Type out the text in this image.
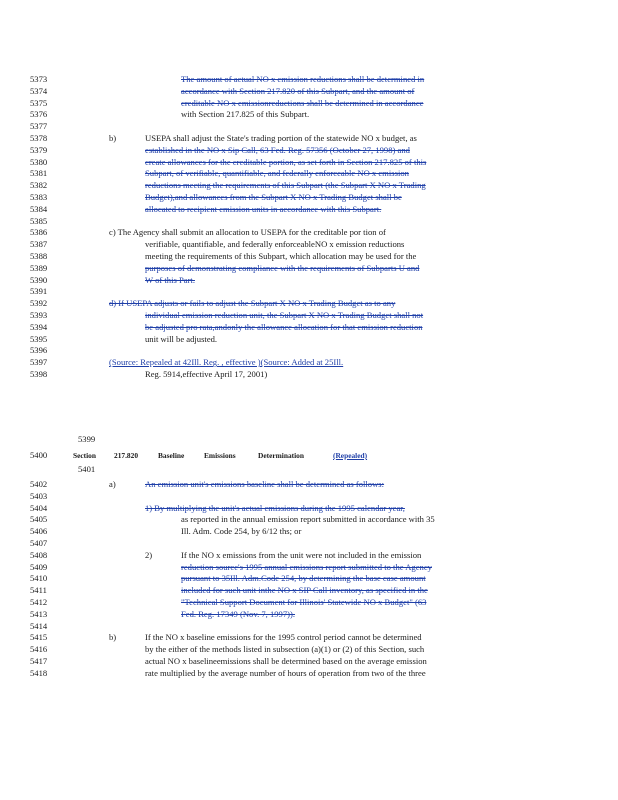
5373	The amount of actual NO x emission reductions shall be determined in
5374	accordance with Section 217.820 of this Subpart, and the amount of
5375	creditable NO x emissionreductions shall be determined in accordance
5376	with Section 217.825 of this Subpart.
5377
5378	b)	USEPA shall adjust the State's trading portion of the statewide NO x budget, as
5379	established in the NO x Sip Call, 63 Fed. Reg. 57356 (October 27, 1998) and
5380	create allowances for the creditable portion, as set forth in Section 217.825 of this
5381	Subpart, of verifiable, quantifiable, and federally enforceable NO x emission
5382	reductions meeting the requirements of this Subpart (the Subpart X NO x Trading
5383	Budget),and allowances from the Subpart X NO x Trading Budget shall be
5384	allocated to recipient emission units in accordance with this Subpart.
5385
5386	c) The Agency shall submit an allocation to USEPA for the creditable por tion of
5387	verifiable, quantifiable, and federally enforceableNO x emission reductions
5388	meeting the requirements of this Subpart, which allocation may be used for the
5389	purposes of demonstrating compliance with the requirements of Subparts U and
5390	W of this Part.
5391
5392	d) If USEPA adjusts or fails to adjust the Subpart X NO x Trading Budget as to any
5393	individual emission reduction unit, the Subpart X NO x Trading Budget shall not
5394	be adjusted pro rata,andonly the allowance allocation for that emission reduction
5395	unit will be adjusted.
5396
5397	(Source: Repealed at 42Ill. Reg. , effective )(Source: Added at 25Ill.
5398	Reg. 5914,effective April 17, 2001)
5402	a)	An emission unit's emissions baseline shall be determined as follows:
5403
5404	1) By multiplying the unit's actual emissions during the 1995 calendar year,
5405	as reported in the annual emission report submitted in accordance with 35
5406	Ill. Adm. Code 254, by 6/12 ths; or
5407
5408	2)	If the NO x emissions from the unit were not included in the emission
5409	reduction source's 1995 annual emissions report submitted to the Agency
5410	pursuant to 35Ill. Adm.Code 254, by determining the base case amount
5411	included for such unit inthe NO x SIP Call inventory, as specified in the
5412	"Technical Support Document for Illinois' Statewide NO x Budget" (63
5413	Fed. Reg. 17349 (Nov. 7, 1997)).
5414
5415	b)	If the NO x baseline emissions for the 1995 control period cannot be determined
5416	by the either of the methods listed in subsection (a)(1) or (2) of this Section, such
5417	actual NO x baselineemissions shall be determined based on the average emission
5418	rate multiplied by the average number of hours of operation from two of the three
5399
5400	Section 217.820	Baseline	Emissions	Determination	(Repealed)
5401
